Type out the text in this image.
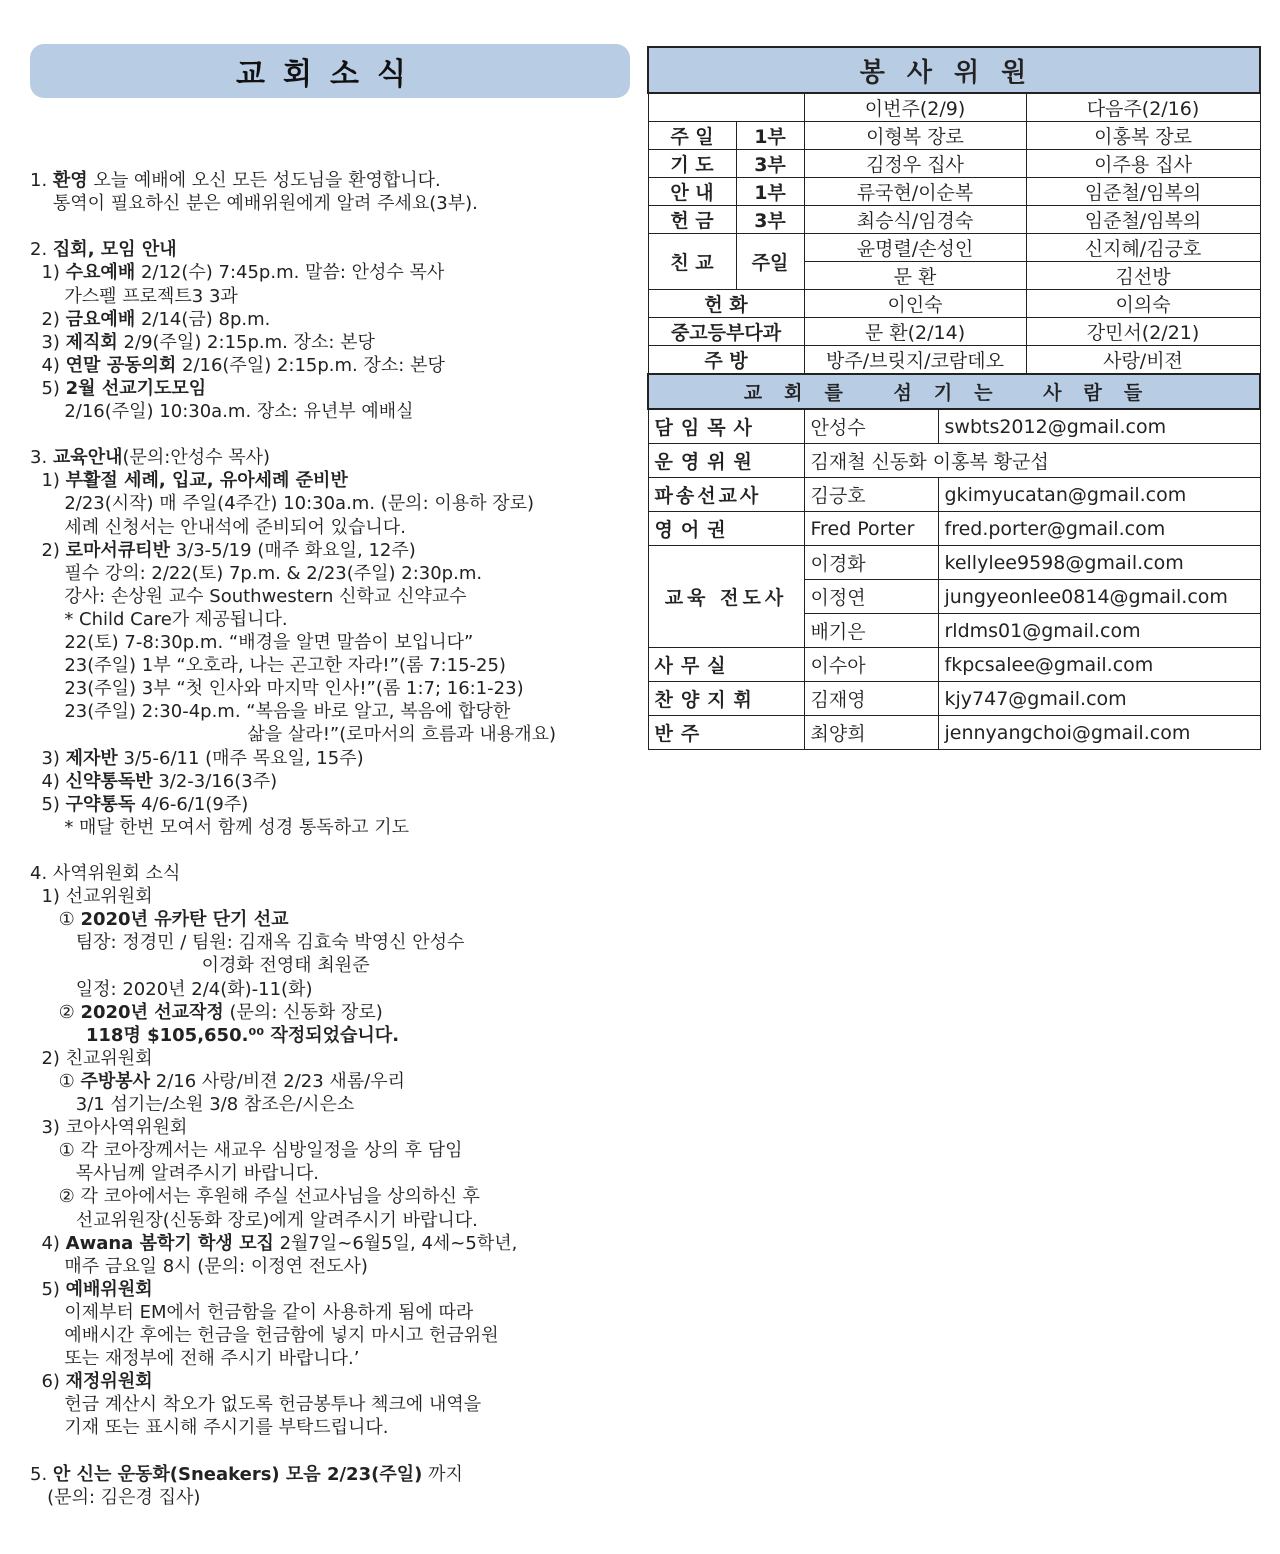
교회소식
1. 환영 오늘 예배에 오신 모든 성도님을 환영합니다.
통역이 필요하신 분은 예배위원에게 알려 주세요(3부).
2. 집회, 모임 안내
1) 수요예배 2/12(수) 7:45p.m. 말씀: 안성수 목사
가스펠 프로젝트3 3과
2) 금요예배 2/14(금) 8p.m.
3) 제직회 2/9(주일) 2:15p.m. 장소: 본당
4) 연말 공동의회 2/16(주일) 2:15p.m. 장소: 본당
5) 2월 선교기도모임
2/16(주일) 10:30a.m. 장소: 유년부 예배실
3. 교육안내(문의:안성수 목사)
1) 부활절 세례, 입교, 유아세례 준비반
2/23(시작) 매 주일(4주간) 10:30a.m. (문의: 이용하 장로)
세례 신청서는 안내석에 준비되어 있습니다.
2) 로마서큐티반 3/3-5/19 (매주 화요일, 12주)
필수 강의: 2/22(토) 7p.m. & 2/23(주일) 2:30p.m.
강사: 손상원 교수 Southwestern 신학교 신약교수
* Child Care가 제공됩니다.
22(토) 7-8:30p.m. “배경을 알면 말씀이 보입니다”
23(주일) 1부 “오호라, 나는 곤고한 자라!”(롬 7:15-25)
23(주일) 3부 “첫 인사와 마지막 인사!”(롬 1:7; 16:1-23)
23(주일) 2:30-4p.m. “복음을 바로 알고, 복음에 합당한
삶을 살라!”(로마서의 흐름과 내용개요)
3) 제자반 3/5-6/11 (매주 목요일, 15주)
4) 신약통독반 3/2-3/16(3주)
5) 구약통독 4/6-6/1(9주)
* 매달 한번 모여서 함께 성경 통독하고 기도
4. 사역위원회 소식
1) 선교위원회
① 2020년 유카탄 단기 선교
팀장: 정경민 / 팀원: 김재옥 김효숙 박영신 안성수
이경화 전영태 최원준
일정: 2020년 2/4(화)-11(화)
② 2020년 선교작정 (문의: 신동화 장로)
118명 $105,650.⁰⁰ 작정되었습니다.
2) 친교위원회
① 주방봉사 2/16 사랑/비젼 2/23 새롬/우리
3/1 섬기는/소원 3/8 참조은/시은소
3) 코아사역위원회
① 각 코아장께서는 새교우 심방일정을 상의 후 담임
목사님께 알려주시기 바랍니다.
② 각 코아에서는 후원해 주실 선교사님을 상의하신 후
선교위원장(신동화 장로)에게 알려주시기 바랍니다.
4) Awana 봄학기 학생 모집 2월7일~6월5일, 4세~5학년,
매주 금요일 8시 (문의: 이정연 전도사)
5) 예배위원회
이제부터 EM에서 헌금함을 같이 사용하게 됨에 따라
예배시간 후에는 헌금을 헌금함에 넣지 마시고 헌금위원
또는 재정부에 전해 주시기 바랍니다.’
6) 재정위원회
헌금 계산시 착오가 없도록 헌금봉투나 첵크에 내역을
기재 또는 표시해 주시기를 부탁드립니다.
5. 안 신는 운동화(Sneakers) 모음 2/23(주일) 까지
(문의: 김은경 집사)
봉사위원			
		이번주(2/9)	다음주(2/16)
주 일	1부	이형복 장로	이홍복 장로
기 도	3부	김정우 집사	이주용 집사
안 내	1부	류국현/이순복	임준철/임복의
헌 금	3부	최승식/임경숙	임준철/임복의
친 교	주일	윤명렬/손성인	신지혜/김긍호
		문 환	김선방
헌 화		이인숙	이의숙
중고등부다과		문 환(2/14)	강민서(2/21)
주 방		방주/브릿지/코람데오	사랑/비젼
교회를 섬기는 사람들		
담임목사	안성수	swbts2012@gmail.com
운영위원	김재철 신동화 이홍복 황군섭	
파송선교사	김긍호	gkimyucatan@gmail.com
영어권	Fred Porter	fred.porter@gmail.com
교육 전도사	이경화	kellylee9598@gmail.com
	이정연	jungyeonlee0814@gmail.com
	배기은	rldms01@gmail.com
사무실	이수아	fkpcsalee@gmail.com
찬양지휘	김재영	kjy747@gmail.com
반주	최양희	jennyangchoi@gmail.com
